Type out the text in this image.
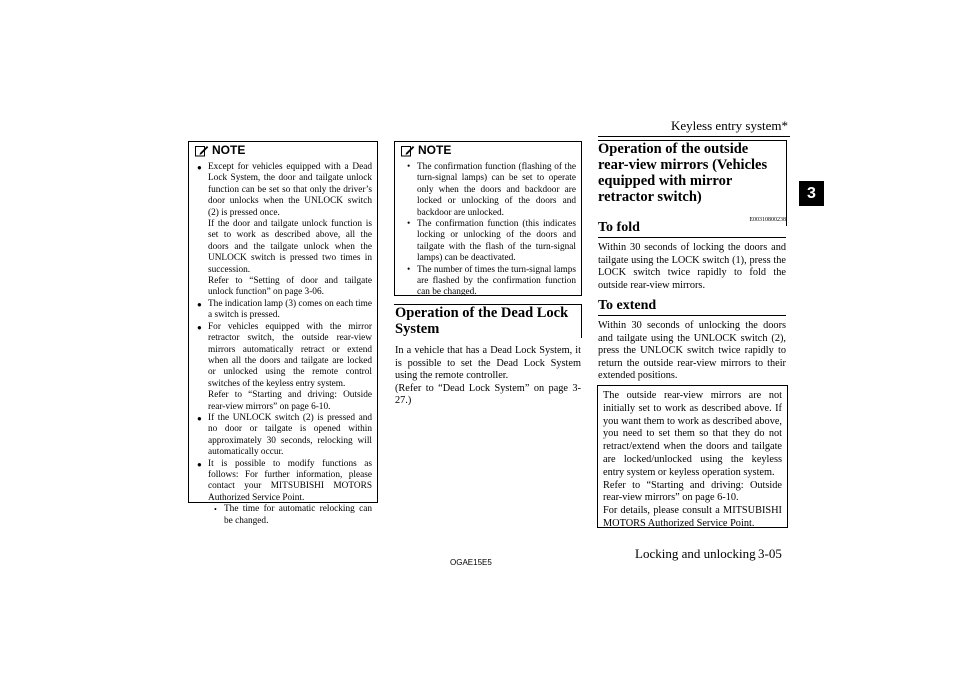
Keyless entry system*
3
NOTE
● Except for vehicles equipped with a Dead Lock System, the door and tailgate unlock function can be set so that only the driver’s door unlocks when the UNLOCK switch (2) is pressed once.

If the door and tailgate unlock function is set to work as described above, all the doors and the tailgate unlock when the UNLOCK switch is pressed two times in succession.

Refer to “Setting of door and tailgate unlock function” on page 3-06.

● The indication lamp (3) comes on each time a switch is pressed.

● For vehicles equipped with the mirror retractor switch, the outside rear-view mirrors automatically retract or extend when all the doors and tailgate are locked or unlocked using the remote control switches of the keyless entry system.

Refer to “Starting and driving: Outside rear-view mirrors” on page 6-10.

● If the UNLOCK switch (2) is pressed and no door or tailgate is opened within approximately 30 seconds, relocking will automatically occur.

● It is possible to modify functions as follows: For further information, please contact your MITSUBISHI MOTORS Authorized Service Point.

• The time for automatic relocking can be changed.
NOTE
• The confirmation function (flashing of the turn-signal lamps) can be set to operate only when the doors and backdoor are locked or unlocking of the doors and backdoor are unlocked.
• The confirmation function (this indicates locking or unlocking of the doors and tailgate with the flash of the turn-signal lamps) can be deactivated.
• The number of times the turn-signal lamps are flashed by the confirmation function can be changed.
Operation of the Dead Lock System

In a vehicle that has a Dead Lock System, it is possible to set the Dead Lock System using the remote controller.

(Refer to “Dead Lock System” on page 3-27.)

Operation of the outside rear-view mirrors (Vehicles equipped with mirror retractor switch)
E00310800238
To fold

Within 30 seconds of locking the doors and tailgate using the LOCK switch (1), press the LOCK switch twice rapidly to fold the outside rear-view mirrors.

To extend

Within 30 seconds of unlocking the doors and tailgate using the UNLOCK switch (2), press the UNLOCK switch twice rapidly to return the outside rear-view mirrors to their extended positions.

The outside rear-view mirrors are not initially set to work as described above. If you want them to work as described above, you need to set them so that they do not retract/extend when the doors and tailgate are locked/unlocked using the keyless entry system or keyless operation system.

Refer to “Starting and driving: Outside rear-view mirrors” on page 6-10.

For details, please consult a MITSUBISHI MOTORS Authorized Service Point.

OGAE15E5
Locking and unlocking 3-05
